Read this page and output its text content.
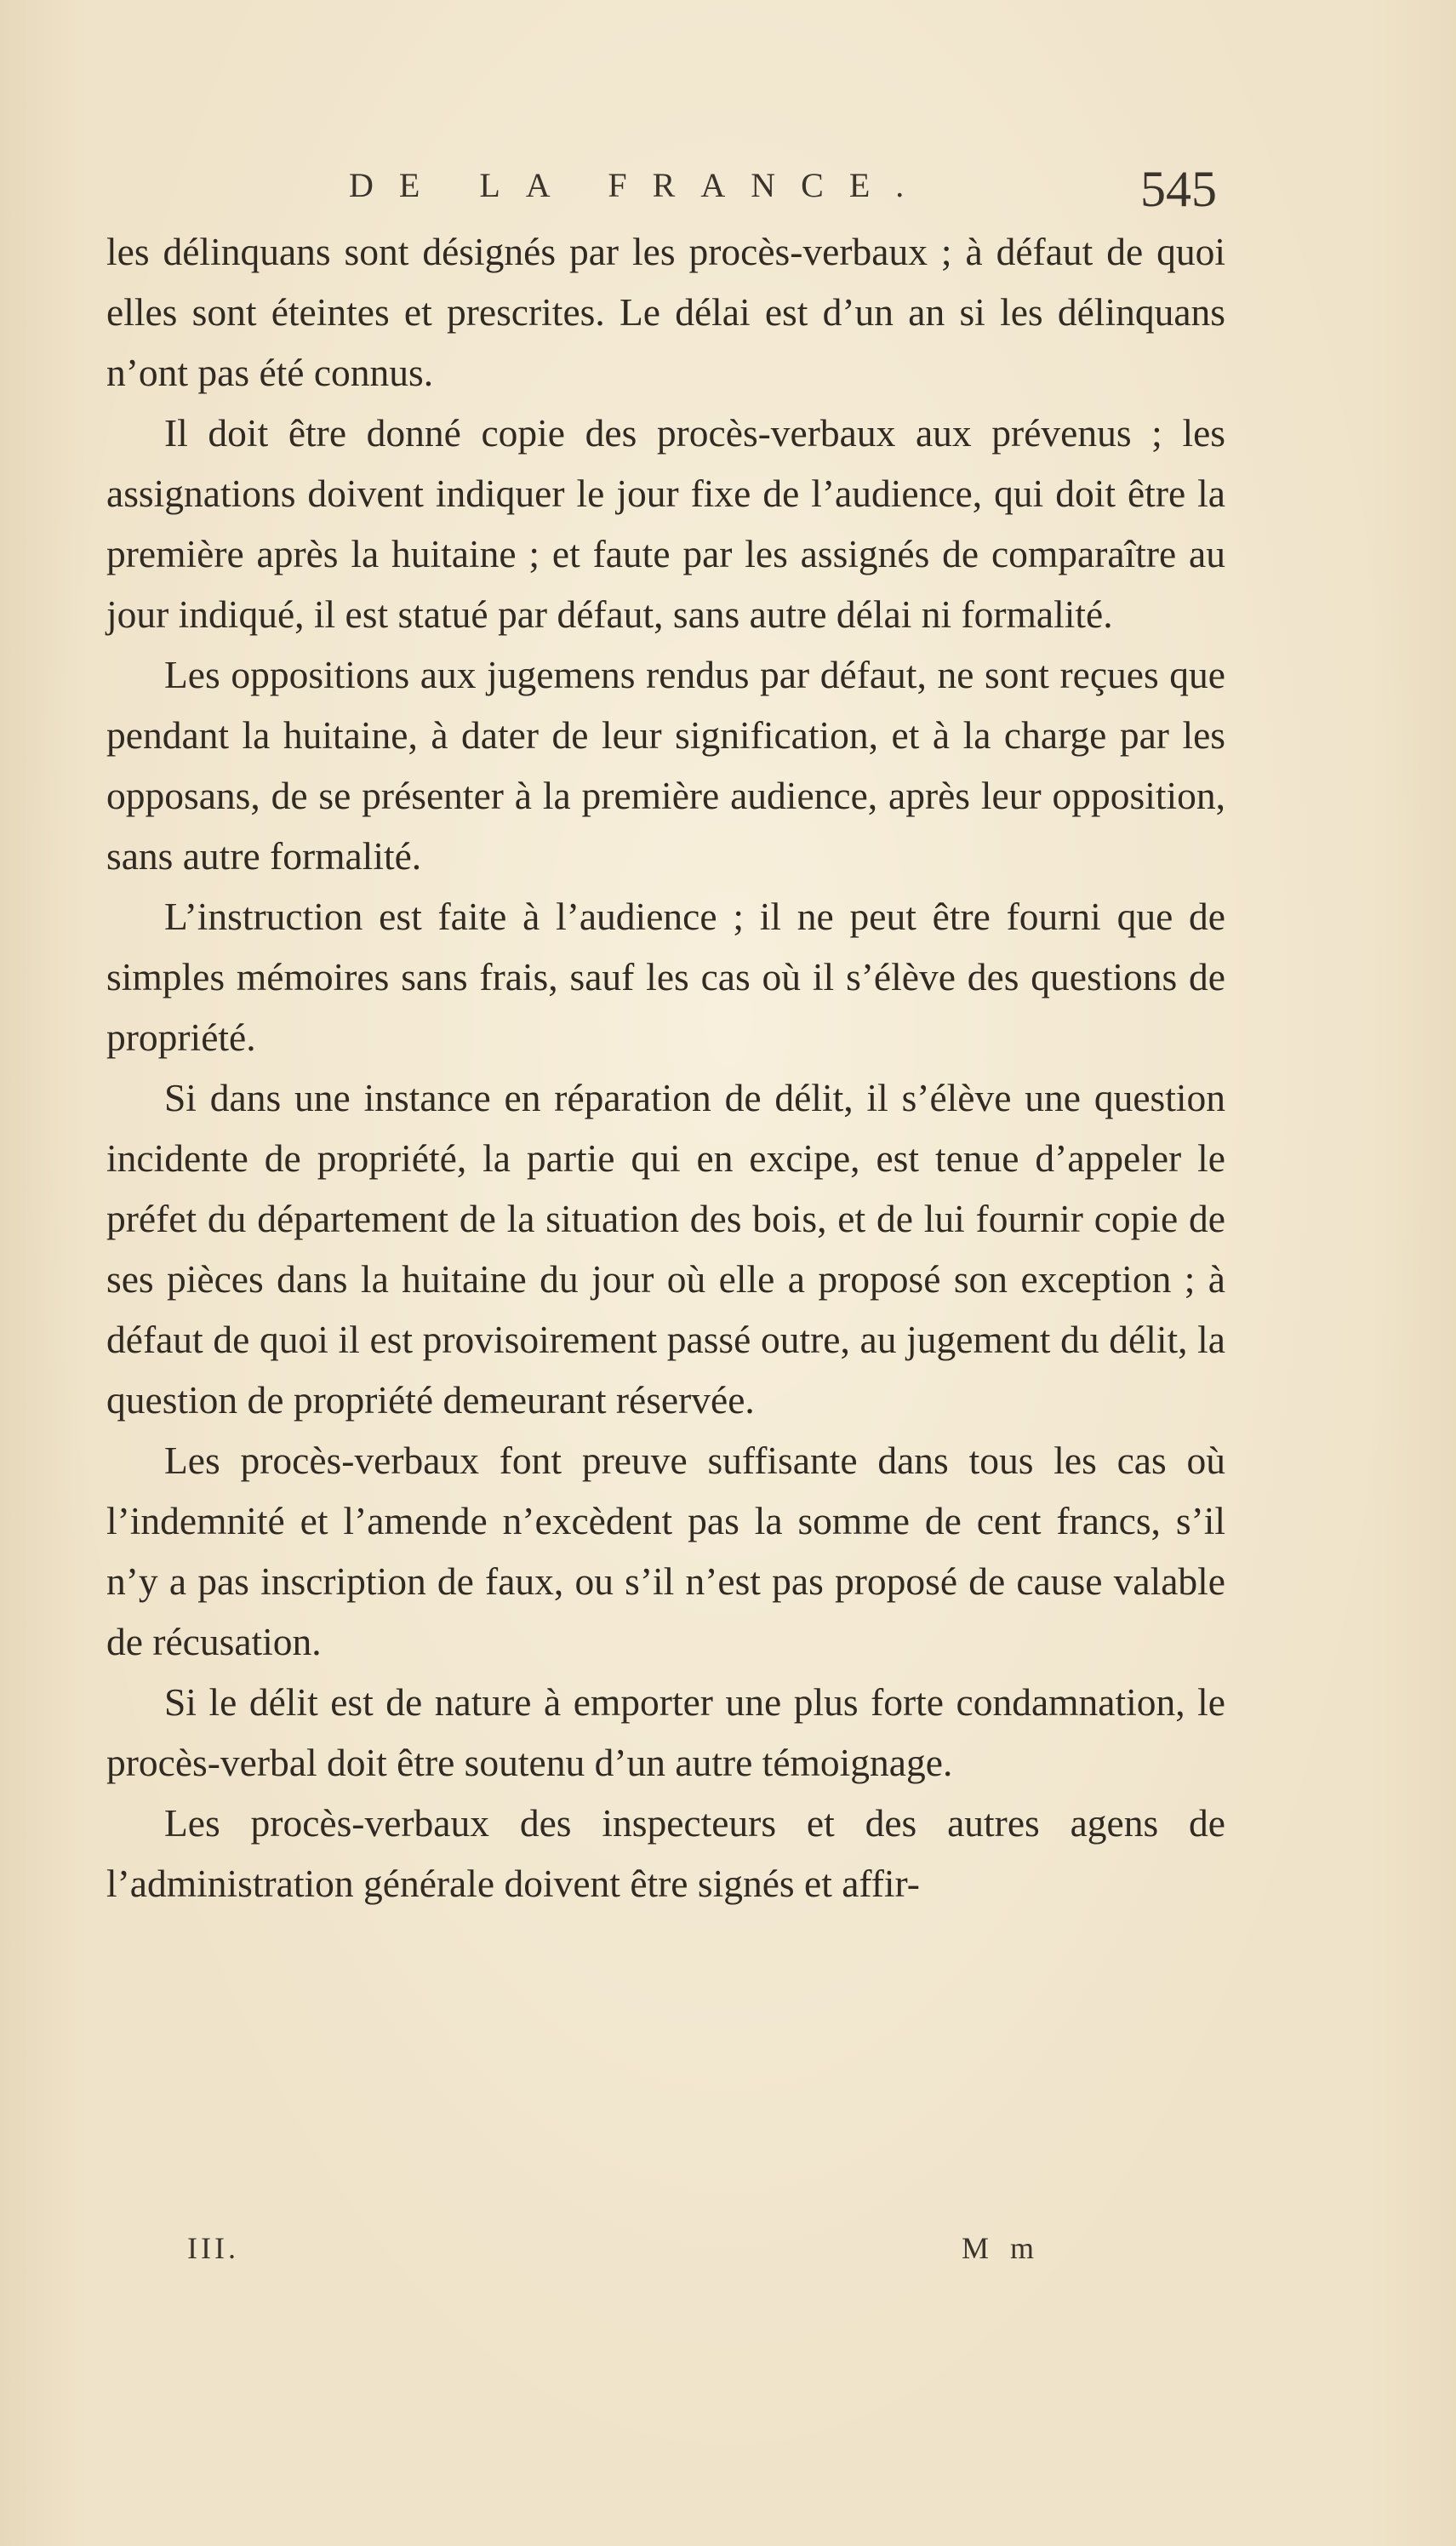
DE LA FRANCE.	545

les délinquans sont désignés par les procès-verbaux ; à défaut de quoi elles sont éteintes et prescrites. Le délai est d’un an si les délinquans n’ont pas été connus.

Il doit être donné copie des procès-verbaux aux prévenus ; les assignations doivent indiquer le jour fixe de l’audience, qui doit être la première après la huitaine ; et faute par les assignés de comparaître au jour indiqué, il est statué par défaut, sans autre délai ni formalité.

Les oppositions aux jugemens rendus par défaut, ne sont reçues que pendant la huitaine, à dater de leur signification, et à la charge par les opposans, de se présenter à la première audience, après leur opposition, sans autre formalité.

L’instruction est faite à l’audience ; il ne peut être fourni que de simples mémoires sans frais, sauf les cas où il s’élève des questions de propriété.

Si dans une instance en réparation de délit, il s’élève une question incidente de propriété, la partie qui en excipe, est tenue d’appeler le préfet du département de la situation des bois, et de lui fournir copie de ses pièces dans la huitaine du jour où elle a proposé son exception ; à défaut de quoi il est provisoirement passé outre, au jugement du délit, la question de propriété demeurant réservée.

Les procès-verbaux font preuve suffisante dans tous les cas où l’indemnité et l’amende n’excèdent pas la somme de cent francs, s’il n’y a pas inscription de faux, ou s’il n’est pas proposé de cause valable de récusation.

Si le délit est de nature à emporter une plus forte condamnation, le procès-verbal doit être soutenu d’un autre témoignage.

Les procès-verbaux des inspecteurs et des autres agens de l’administration générale doivent être signés et affir-

III.	M m
